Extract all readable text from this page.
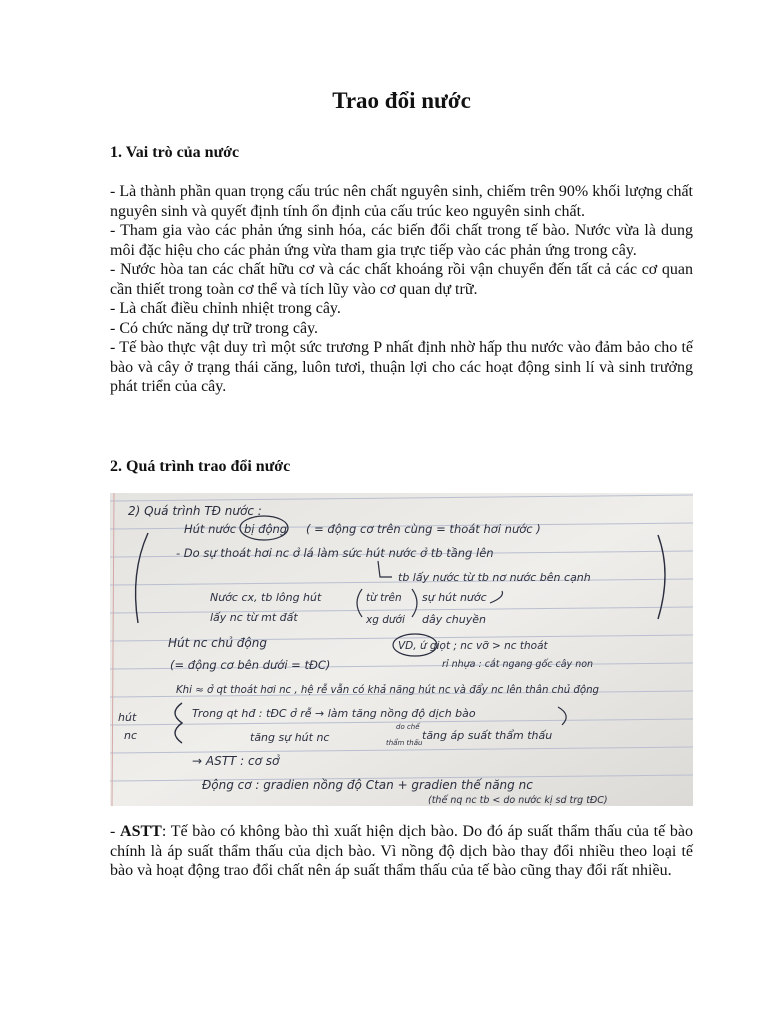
Trao đổi nước
1. Vai trò của nước

- Là thành phần quan trọng cấu trúc nên chất nguyên sinh, chiếm trên 90% khối lượng chất nguyên sinh và quyết định tính ổn định của cấu trúc keo nguyên sinh chất.

- Tham gia vào các phản ứng sinh hóa, các biến đổi chất trong tế bào. Nước vừa là dung môi đặc hiệu cho các phản ứng vừa tham gia trực tiếp vào các phản ứng trong cây.

- Nước hòa tan các chất hữu cơ và các chất khoáng rồi vận chuyển đến tất cả các cơ quan cần thiết trong toàn cơ thể và tích lũy vào cơ quan dự trữ.

- Là chất điều chỉnh nhiệt trong cây.

- Có chức năng dự trữ trong cây.

- Tế bào thực vật duy trì một sức trương P nhất định nhờ hấp thu nước vào đảm bảo cho tế bào và cây ở trạng thái căng, luôn tươi, thuận lợi cho các hoạt động sinh lí và sinh trưởng phát triển của cây.

2. Quá trình trao đổi nước
2) Quá trình TĐ nước :
Hút nước bị động ( = động cơ trên cùng = thoát hơi nước )
- Do sự thoát hơi nc ở lá làm sức hút nước ở tb tầng lên
tb lấy nước từ tb nơ nước bên cạnh
Nước cx, tb lông hút	từ trên sự hút nước
lấy nc từ mt đất	xg dưới dây chuyền
Hút nc chủ động	VD, ứ giọt ; nc vỡ > nc thoát
(= động cơ bên dưới = tĐC)	rỉ nhựa : cắt ngang gốc cây non
Khi ≈ ở qt thoát hơi nc , hệ rễ vẫn có khả năng hút nc và đẩy nc lên thân chủ động
hút	Trong qt hđ : tĐC ở rễ → làm tăng nồng độ dịch bào
nc	tăng sự hút nc
do chế
thẩm thấu
tăng áp suất thẩm thấu
→ ASTT : cơ sở
Động cơ : gradien nồng độ Ctan + gradien thế năng nc
(thế nq nc tb < do nước kị sd trg tĐC)

- ASTT: Tế bào có không bào thì xuất hiện dịch bào. Do đó áp suất thẩm thấu của tế bào chính là áp suất thẩm thấu của dịch bào. Vì nồng độ dịch bào thay đổi nhiều theo loại tế bào và hoạt động trao đổi chất nên áp suất thẩm thấu của tế bào cũng thay đổi rất nhiều.
